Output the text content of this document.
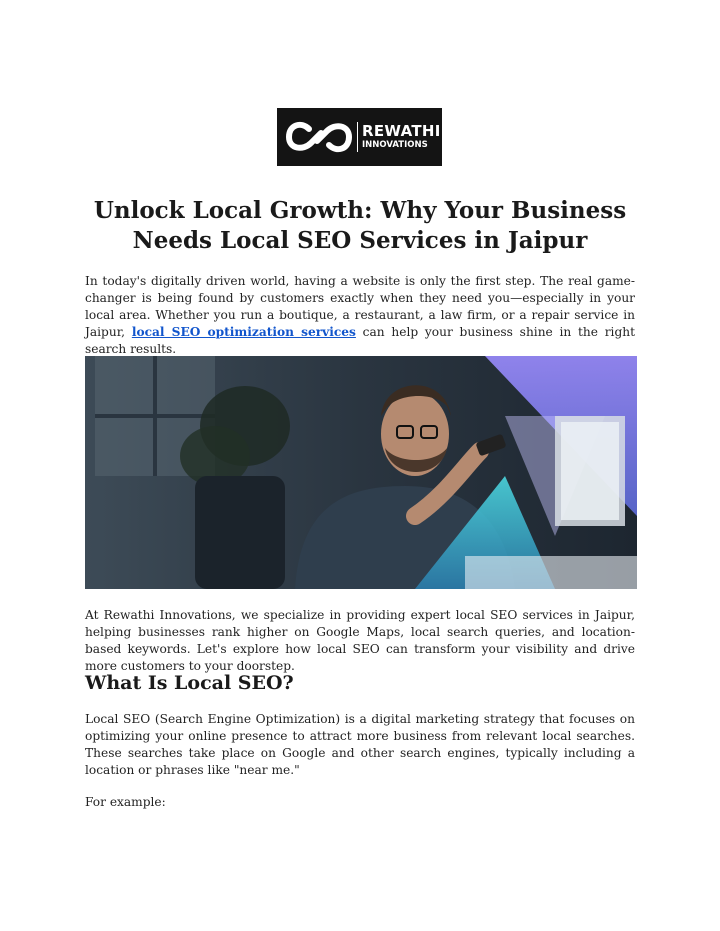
REWATHI
INNOVATIONS
Unlock Local Growth: Why Your Business Needs Local SEO Services in Jaipur

In today's digitally driven world, having a website is only the first step. The real game-changer is being found by customers exactly when they need you—especially in your local area. Whether you run a boutique, a restaurant, a law firm, or a repair service in Jaipur, local SEO optimization services can help your business shine in the right search results.

At Rewathi Innovations, we specialize in providing expert local SEO services in Jaipur, helping businesses rank higher on Google Maps, local search queries, and location-based keywords. Let's explore how local SEO can transform your visibility and drive more customers to your doorstep.

What Is Local SEO?

Local SEO (Search Engine Optimization) is a digital marketing strategy that focuses on optimizing your online presence to attract more business from relevant local searches. These searches take place on Google and other search engines, typically including a location or phrases like "near me."

For example:
